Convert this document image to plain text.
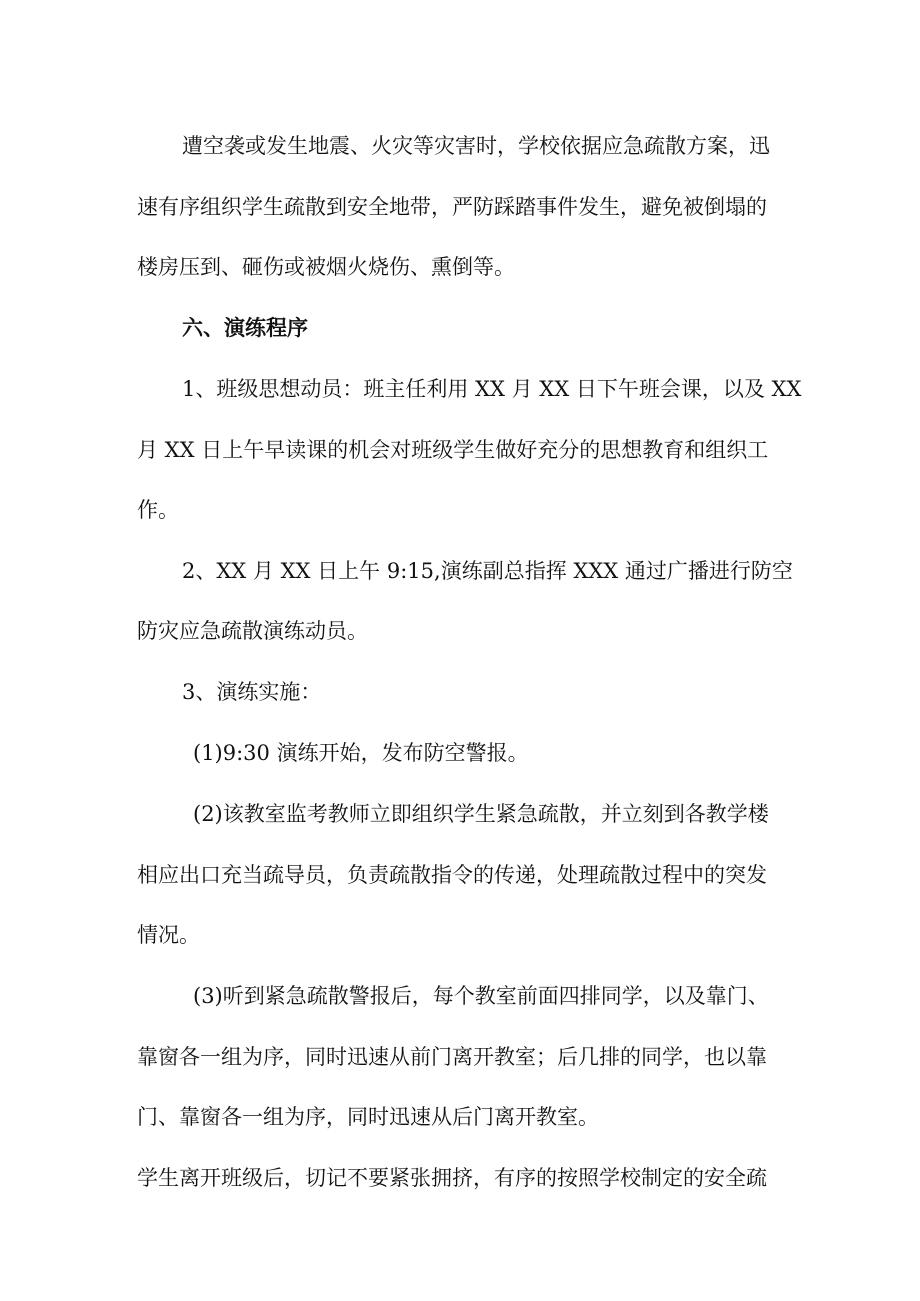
遭空袭或发生地震、火灾等灾害时，学校依据应急疏散方案，迅
速有序组织学生疏散到安全地带，严防踩踏事件发生，避免被倒塌的
楼房压到、砸伤或被烟火烧伤、熏倒等。
六、演练程序
1、班级思想动员：班主任利用 XX 月 XX 日下午班会课，以及 XX
月 XX 日上午早读课的机会对班级学生做好充分的思想教育和组织工
作。
2、XX 月 XX 日上午 9:15,演练副总指挥 XXX 通过广播进行防空
防灾应急疏散演练动员。
3、演练实施：
(1)9:30 演练开始，发布防空警报。
(2)该教室监考教师立即组织学生紧急疏散，并立刻到各教学楼
相应出口充当疏导员，负责疏散指令的传递，处理疏散过程中的突发
情况。
(3)听到紧急疏散警报后，每个教室前面四排同学，以及靠门、
靠窗各一组为序，同时迅速从前门离开教室；后几排的同学，也以靠
门、靠窗各一组为序，同时迅速从后门离开教室。
学生离开班级后，切记不要紧张拥挤，有序的按照学校制定的安全疏
